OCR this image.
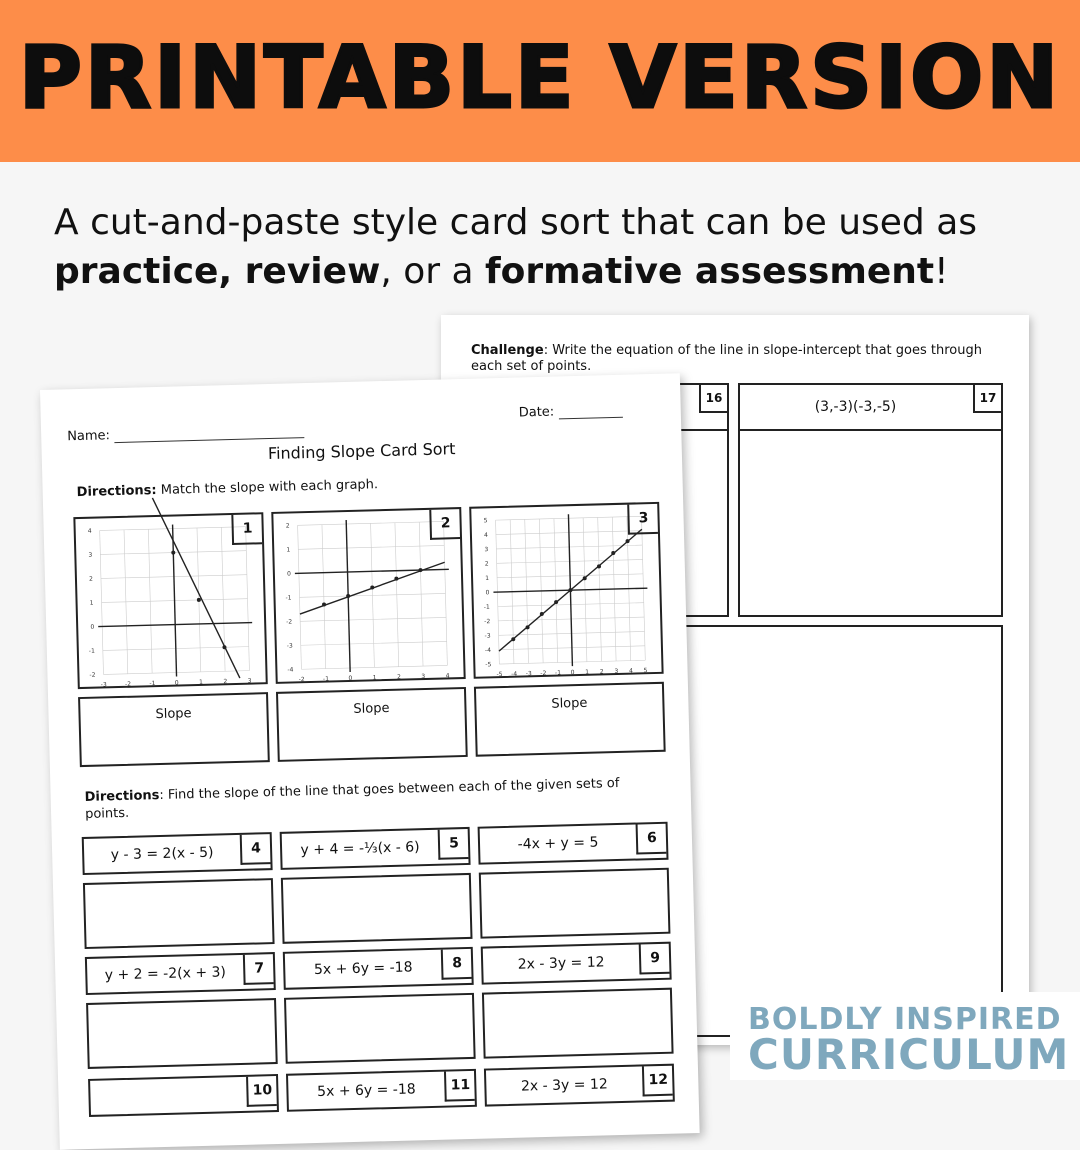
PRINTABLE VERSION
A cut-and-paste style card sort that can be used as
practice, review, or a formative assessment!
Challenge: Write the equation of the line in slope-intercept that goes through each set of points.
16
(3,-3)(-3,-5)
17
Name:
Date:
Finding Slope Card Sort
Directions: Match the slope with each graph.
-3	-2	-1	0	1	2	3
4
3
2
1
0
-1
-2
1
-2	-1	0	1	2	3	4
2
1
0
-1
-2
-3
-4
2
-5 -4 -3 -2 -1 0 1 2 3 4 5
5
4
3
2
1
0
-1
-2
-3
-4
-5
3
Slope	Slope	Slope
Directions: Find the slope of the line that goes between each of the given sets of points.
y - 3 = 2(x - 5)	4	y + 4 = -⅓(x - 6)	5	-4x + y = 5	6
y + 2 = -2(x + 3)	7	5x + 6y = -18	8	2x - 3y = 12	9
10	5x + 6y = -18	11	2x - 3y = 12	12
BOLDLY INSPIRED
CURRICULUM
